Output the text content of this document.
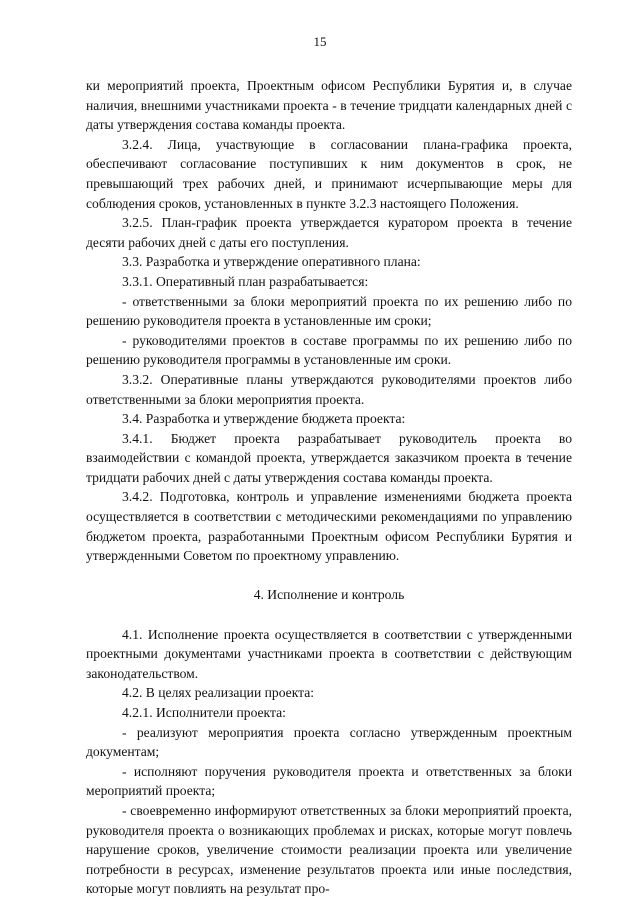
15

ки мероприятий проекта, Проектным офисом Республики Бурятия и, в случае наличия, внешними участниками проекта - в течение тридцати календарных дней с даты утверждения состава команды проекта.

3.2.4. Лица, участвующие в согласовании плана-графика проекта, обеспечивают согласование поступивших к ним документов в срок, не превышающий трех рабочих дней, и принимают исчерпывающие меры для соблюдения сроков, установленных в пункте 3.2.3 настоящего Положения.

3.2.5. План-график проекта утверждается куратором проекта в течение десяти рабочих дней с даты его поступления.

3.3. Разработка и утверждение оперативного плана:

3.3.1. Оперативный план разрабатывается:

- ответственными за блоки мероприятий проекта по их решению либо по решению руководителя проекта в установленные им сроки;

- руководителями проектов в составе программы по их решению либо по решению руководителя программы в установленные им сроки.

3.3.2. Оперативные планы утверждаются руководителями проектов либо ответственными за блоки мероприятия проекта.

3.4. Разработка и утверждение бюджета проекта:

3.4.1. Бюджет проекта разрабатывает руководитель проекта во взаимодействии с командой проекта, утверждается заказчиком проекта в течение тридцати рабочих дней с даты утверждения состава команды проекта.

3.4.2. Подготовка, контроль и управление изменениями бюджета проекта осуществляется в соответствии с методическими рекомендациями по управлению бюджетом проекта, разработанными Проектным офисом Республики Бурятия и утвержденными Советом по проектному управлению.

4. Исполнение и контроль

4.1. Исполнение проекта осуществляется в соответствии с утвержденными проектными документами участниками проекта в соответствии с действующим законодательством.

4.2. В целях реализации проекта:

4.2.1. Исполнители проекта:

- реализуют мероприятия проекта согласно утвержденным проектным документам;

- исполняют поручения руководителя проекта и ответственных за блоки мероприятий проекта;

- своевременно информируют ответственных за блоки мероприятий проекта, руководителя проекта о возникающих проблемах и рисках, которые могут повлечь нарушение сроков, увеличение стоимости реализации проекта или увеличение потребности в ресурсах, изменение результатов проекта или иные последствия, которые могут повлиять на результат про-
